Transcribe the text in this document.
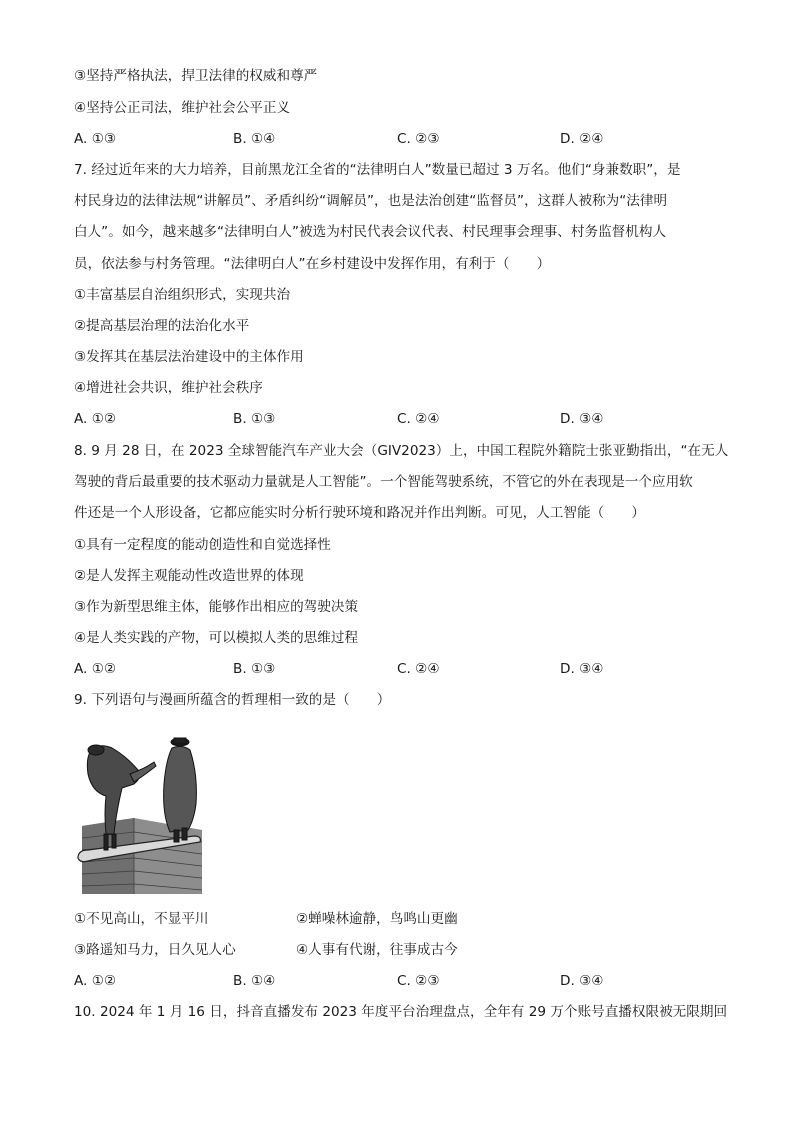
③坚持严格执法，捍卫法律的权威和尊严
④坚持公正司法，维护社会公平正义
A. ①③	B. ①④	C. ②③	D. ②④
7. 经过近年来的大力培养，目前黑龙江全省的“法律明白人”数量已超过 3 万名。他们“身兼数职”，是
村民身边的法律法规“讲解员”、矛盾纠纷“调解员”，也是法治创建“监督员”，这群人被称为“法律明
白人”。如今，越来越多“法律明白人”被选为村民代表会议代表、村民理事会理事、村务监督机构人
员，依法参与村务管理。“法律明白人”在乡村建设中发挥作用，有利于（　　）
①丰富基层自治组织形式，实现共治
②提高基层治理的法治化水平
③发挥其在基层法治建设中的主体作用
④增进社会共识，维护社会秩序
A. ①②	B. ①③	C. ②④	D. ③④
8. 9 月 28 日，在 2023 全球智能汽车产业大会（GIV2023）上，中国工程院外籍院士张亚勤指出，“在无人
驾驶的背后最重要的技术驱动力量就是人工智能”。一个智能驾驶系统，不管它的外在表现是一个应用软
件还是一个人形设备，它都应能实时分析行驶环境和路况并作出判断。可见，人工智能（　　）
①具有一定程度的能动创造性和自觉选择性
②是人发挥主观能动性改造世界的体现
③作为新型思维主体，能够作出相应的驾驶决策
④是人类实践的产物，可以模拟人类的思维过程
A. ①②	B. ①③	C. ②④	D. ③④
9. 下列语句与漫画所蕴含的哲理相一致的是（　　）
①不见高山，不显平川	②蝉噪林逾静，鸟鸣山更幽
③路遥知马力，日久见人心	④人事有代谢，往事成古今
A. ①②	B. ①④	C. ②③	D. ③④
10. 2024 年 1 月 16 日，抖音直播发布 2023 年度平台治理盘点，全年有 29 万个账号直播权限被无限期回
